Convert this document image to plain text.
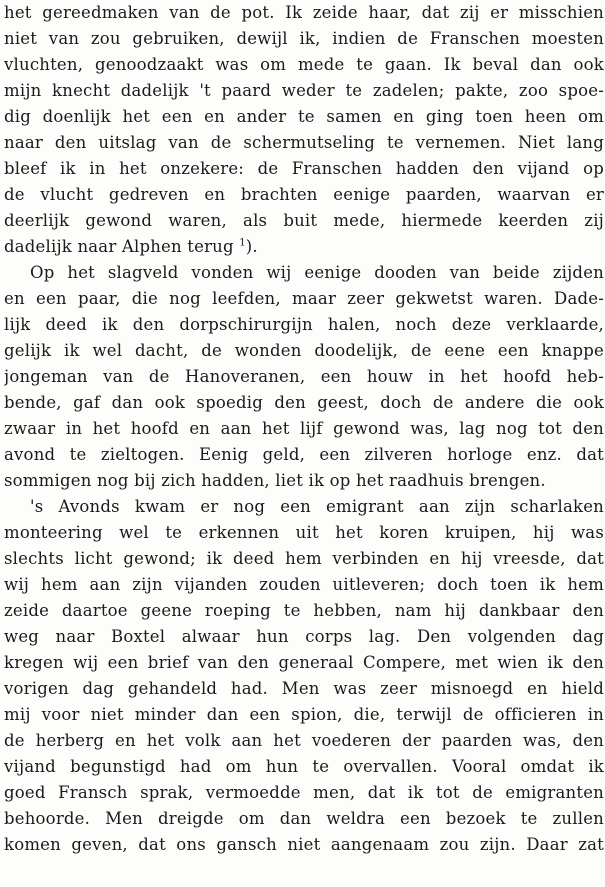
het gereedmaken van de pot. Ik zeide haar, dat zij er misschien
niet van zou gebruiken, dewijl ik, indien de Franschen moesten
vluchten, genoodzaakt was om mede te gaan. Ik beval dan ook
mijn knecht dadelijk 't paard weder te zadelen; pakte, zoo spoe-
dig doenlijk het een en ander te samen en ging toen heen om
naar den uitslag van de schermutseling te vernemen. Niet lang
bleef ik in het onzekere: de Franschen hadden den vijand op
de vlucht gedreven en brachten eenige paarden, waarvan er
deerlijk gewond waren, als buit mede, hiermede keerden zij
dadelijk naar Alphen terug $^1$).
Op het slagveld vonden wij eenige dooden van beide zijden
en een paar, die nog leefden, maar zeer gekwetst waren. Dade-
lijk deed ik den dorpschirurgijn halen, noch deze verklaarde,
gelijk ik wel dacht, de wonden doodelijk, de eene een knappe
jongeman van de Hanoveranen, een houw in het hoofd heb-
bende, gaf dan ook spoedig den geest, doch de andere die ook
zwaar in het hoofd en aan het lijf gewond was, lag nog tot den
avond te zieltogen. Eenig geld, een zilveren horloge enz. dat
sommigen nog bij zich hadden, liet ik op het raadhuis brengen.
's Avonds kwam er nog een emigrant aan zijn scharlaken
monteering wel te erkennen uit het koren kruipen, hij was
slechts licht gewond; ik deed hem verbinden en hij vreesde, dat
wij hem aan zijn vijanden zouden uitleveren; doch toen ik hem
zeide daartoe geene roeping te hebben, nam hij dankbaar den
weg naar Boxtel alwaar hun corps lag. Den volgenden dag
kregen wij een brief van den generaal Compere, met wien ik den
vorigen dag gehandeld had. Men was zeer misnoegd en hield
mij voor niet minder dan een spion, die, terwijl de officieren in
de herberg en het volk aan het voederen der paarden was, den
vijand begunstigd had om hun te overvallen. Vooral omdat ik
goed Fransch sprak, vermoedde men, dat ik tot de emigranten
behoorde. Men dreigde om dan weldra een bezoek te zullen
komen geven, dat ons gansch niet aangenaam zou zijn. Daar zat
